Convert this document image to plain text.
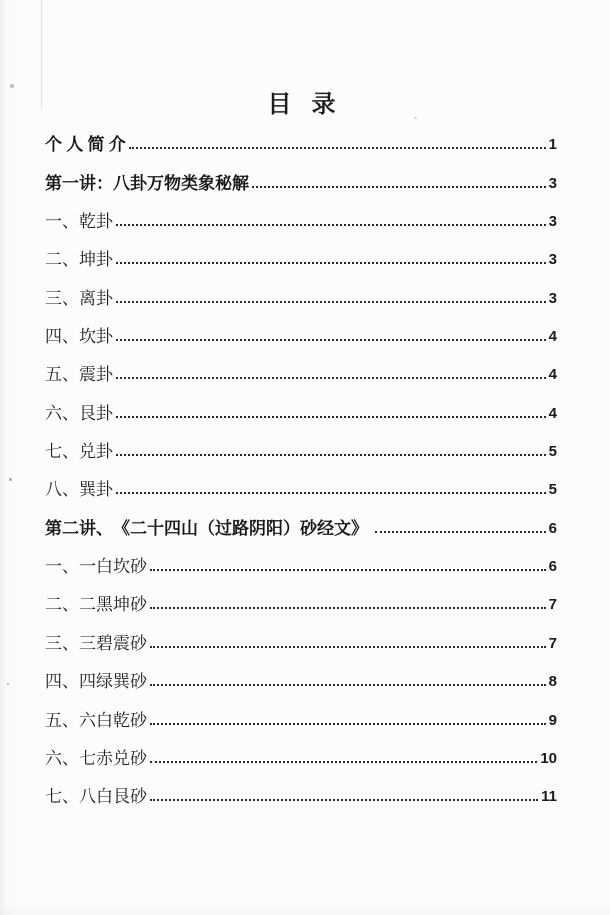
目 录
个 人 简 介	1
第一讲：八卦万物类象秘解	3
一、乾卦	3
二、坤卦	3
三、离卦	3
四、坎卦	4
五、震卦	4
六、艮卦	4
七、兑卦	5
八、巽卦	5
第二讲、　《二十四山（过路阴阳）砂经文》	6
一、一白坎砂	6
二、二黑坤砂	7
三、三碧震砂	7
四、四绿巽砂	8
五、六白乾砂	9
六、七赤兑砂	10
七、八白艮砂	11
